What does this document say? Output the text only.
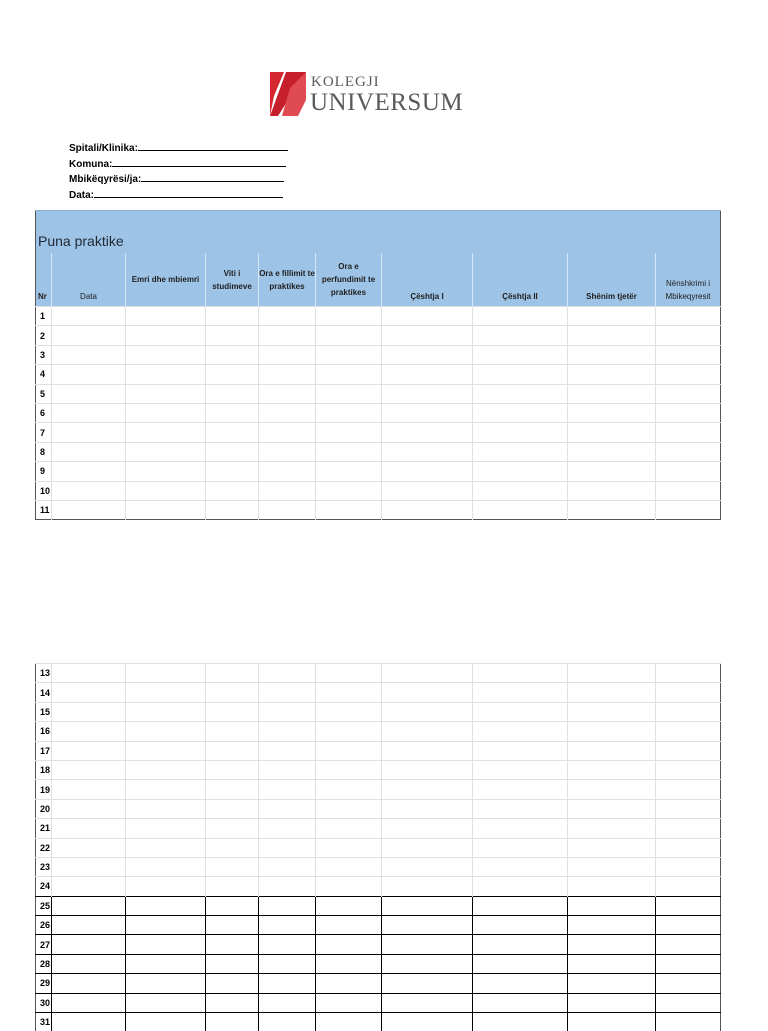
KOLEGJI
UNIVERSUM
Spitali/Klinika:
Komuna:
Mbikëqyrësi/ja:
Data:
Puna praktike									
Nr	Data	Emri dhe mbiemri	Viti i studimeve	Ora e fillimit te praktikes	Ora e perfundimit te praktikes	Çështja I	Çështja II	Shënim tjetër	Nënshkrimi i Mbikeqyresit
1									
2									
3									
4									
5									
6									
7									
8									
9									
10									
11									
13									
14									
15									
16									
17									
18									
19									
20									
21									
22									
23									
24									
25									
26									
27									
28									
29									
30									
31									
